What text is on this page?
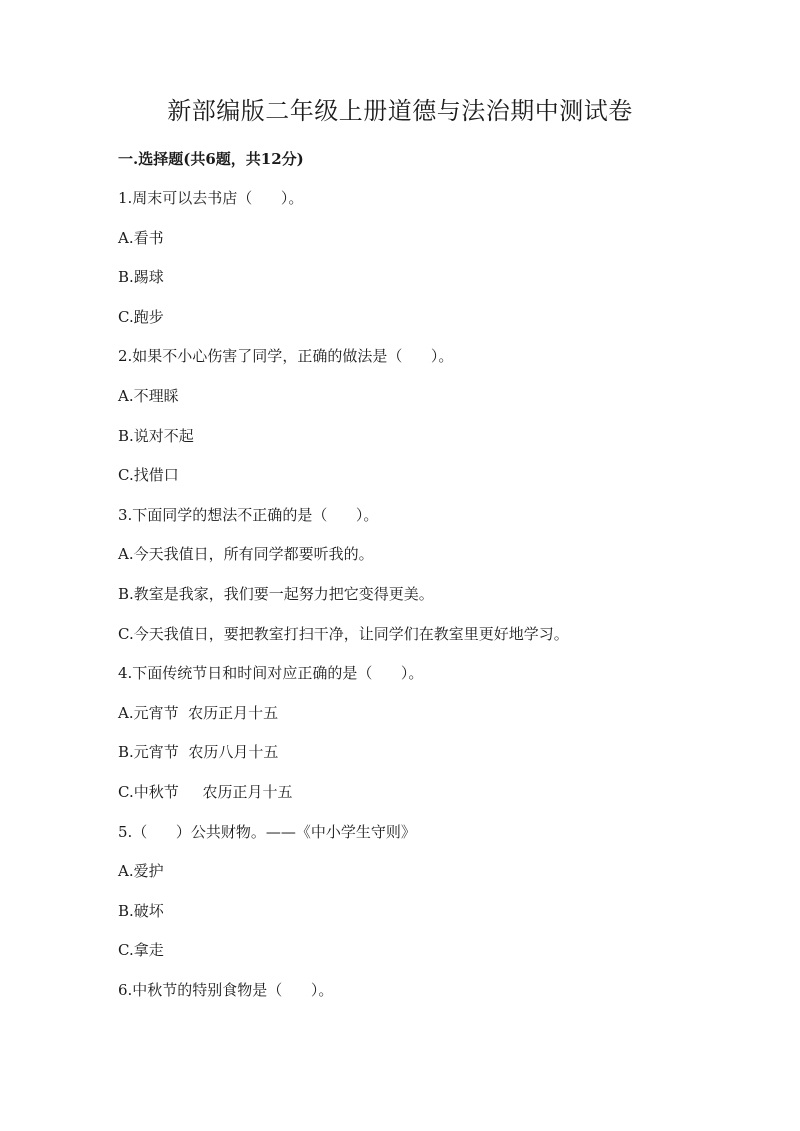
新部编版二年级上册道德与法治期中测试卷
一.选择题(共6题，共12分)
1.周末可以去书店（      ）。
A.看书
B.踢球
C.跑步
2.如果不小心伤害了同学，正确的做法是（      ）。
A.不理睬
B.说对不起
C.找借口
3.下面同学的想法不正确的是（      ）。
A.今天我值日，所有同学都要听我的。
B.教室是我家，我们要一起努力把它变得更美。
C.今天我值日，要把教室打扫干净，让同学们在教室里更好地学习。
4.下面传统节日和时间对应正确的是（      ）。
A.元宵节  农历正月十五
B.元宵节  农历八月十五
C.中秋节     农历正月十五
5.（      ）公共财物。——《中小学生守则》
A.爱护
B.破坏
C.拿走
6.中秋节的特别食物是（      ）。
